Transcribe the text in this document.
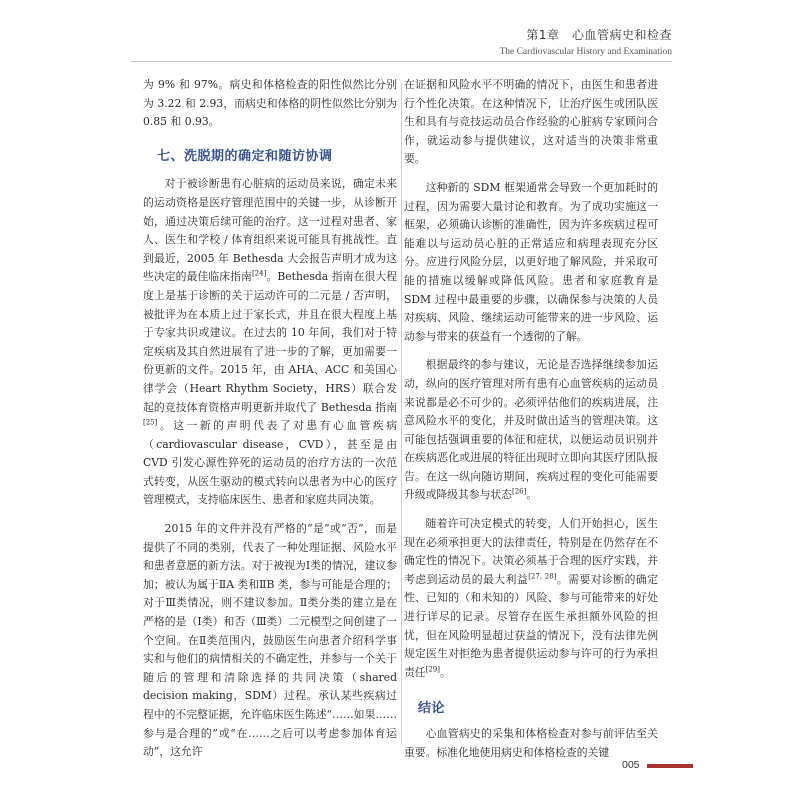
第1章　心血管病史和检查
The Cardiovascular History and Examination

为 9% 和 97%。病史和体格检查的阳性似然比分别为 3.22 和 2.93，而病史和体格的阴性似然比分别为 0.85 和 0.93。

七、洗脱期的确定和随访协调

对于被诊断患有心脏病的运动员来说，确定未来的运动资格是医疗管理范围中的关键一步，从诊断开始，通过决策后续可能的治疗。这一过程对患者、家人、医生和学校 / 体育组织来说可能具有挑战性。直到最近，2005 年 Bethesda 大会报告声明才成为这些决定的最佳临床指南[24]。Bethesda 指南在很大程度上是基于诊断的关于运动许可的二元是 / 否声明，被批评为在本质上过于家长式，并且在很大程度上基于专家共识或建议。在过去的 10 年间，我们对于特定疾病及其自然进展有了进一步的了解，更加需要一份更新的文件。2015 年，由 AHA、ACC 和美国心律学会（Heart Rhythm Society，HRS）联合发起的竞技体育资格声明更新并取代了 Bethesda 指南[25]。这一新的声明代表了对患有心血管疾病（cardiovascular disease，CVD），甚至是由 CVD 引发心源性猝死的运动员的治疗方法的一次范式转变，从医生驱动的模式转向以患者为中心的医疗管理模式，支持临床医生、患者和家庭共同决策。

2015 年的文件并没有严格的“是”或“否”，而是提供了不同的类别，代表了一种处理证据、风险水平和患者意愿的新方法。对于被视为Ⅰ类的情况，建议参加；被认为属于ⅡA 类和ⅡB 类，参与可能是合理的；对于Ⅲ类情况，则不建议参加。Ⅱ类分类的建立是在严格的是（Ⅰ类）和否（Ⅲ类）二元模型之间创建了一个空间。在Ⅱ类范围内，鼓励医生向患者介绍科学事实和与他们的病情相关的不确定性，并参与一个关于随后的管理和清除选择的共同决策（shared decision making，SDM）过程。承认某些疾病过程中的不完整证据，允许临床医生陈述“……如果……参与是合理的”或“在……之后可以考虑参加体育运动”，这允许

在证据和风险水平不明确的情况下，由医生和患者进行个性化决策。在这种情况下，让治疗医生或团队医生和具有与竞技运动员合作经验的心脏病专家顾问合作，就运动参与提供建议，这对适当的决策非常重要。

这种新的 SDM 框架通常会导致一个更加耗时的过程，因为需要大量讨论和教育。为了成功实施这一框架，必须确认诊断的准确性，因为许多疾病过程可能难以与运动员心脏的正常适应和病理表现充分区分。应进行风险分层，以更好地了解风险，并采取可能的措施以缓解或降低风险。患者和家庭教育是 SDM 过程中最重要的步骤，以确保参与决策的人员对疾病、风险、继续运动可能带来的进一步风险、运动参与带来的获益有一个透彻的了解。

根据最终的参与建议，无论是否选择继续参加运动，纵向的医疗管理对所有患有心血管疾病的运动员来说都是必不可少的。必须评估他们的疾病进展，注意风险水平的变化，并及时做出适当的管理决策。这可能包括强调重要的体征和症状，以便运动员识别并在疾病恶化或进展的特征出现时立即向其医疗团队报告。在这一纵向随访期间，疾病过程的变化可能需要升级或降级其参与状态[26]。

随着许可决定模式的转变，人们开始担心，医生现在必须承担更大的法律责任，特别是在仍然存在不确定性的情况下。决策必须基于合理的医疗实践，并考虑到运动员的最大利益[27, 28]。需要对诊断的确定性、已知的（和未知的）风险、参与可能带来的好处进行详尽的记录。尽管存在医生承担额外风险的担忧，但在风险明显超过获益的情况下，没有法律先例规定医生对拒绝为患者提供运动参与许可的行为承担责任[29]。

结论

心血管病史的采集和体格检查对参与前评估至关重要。标准化地使用病史和体格检查的关键

005
